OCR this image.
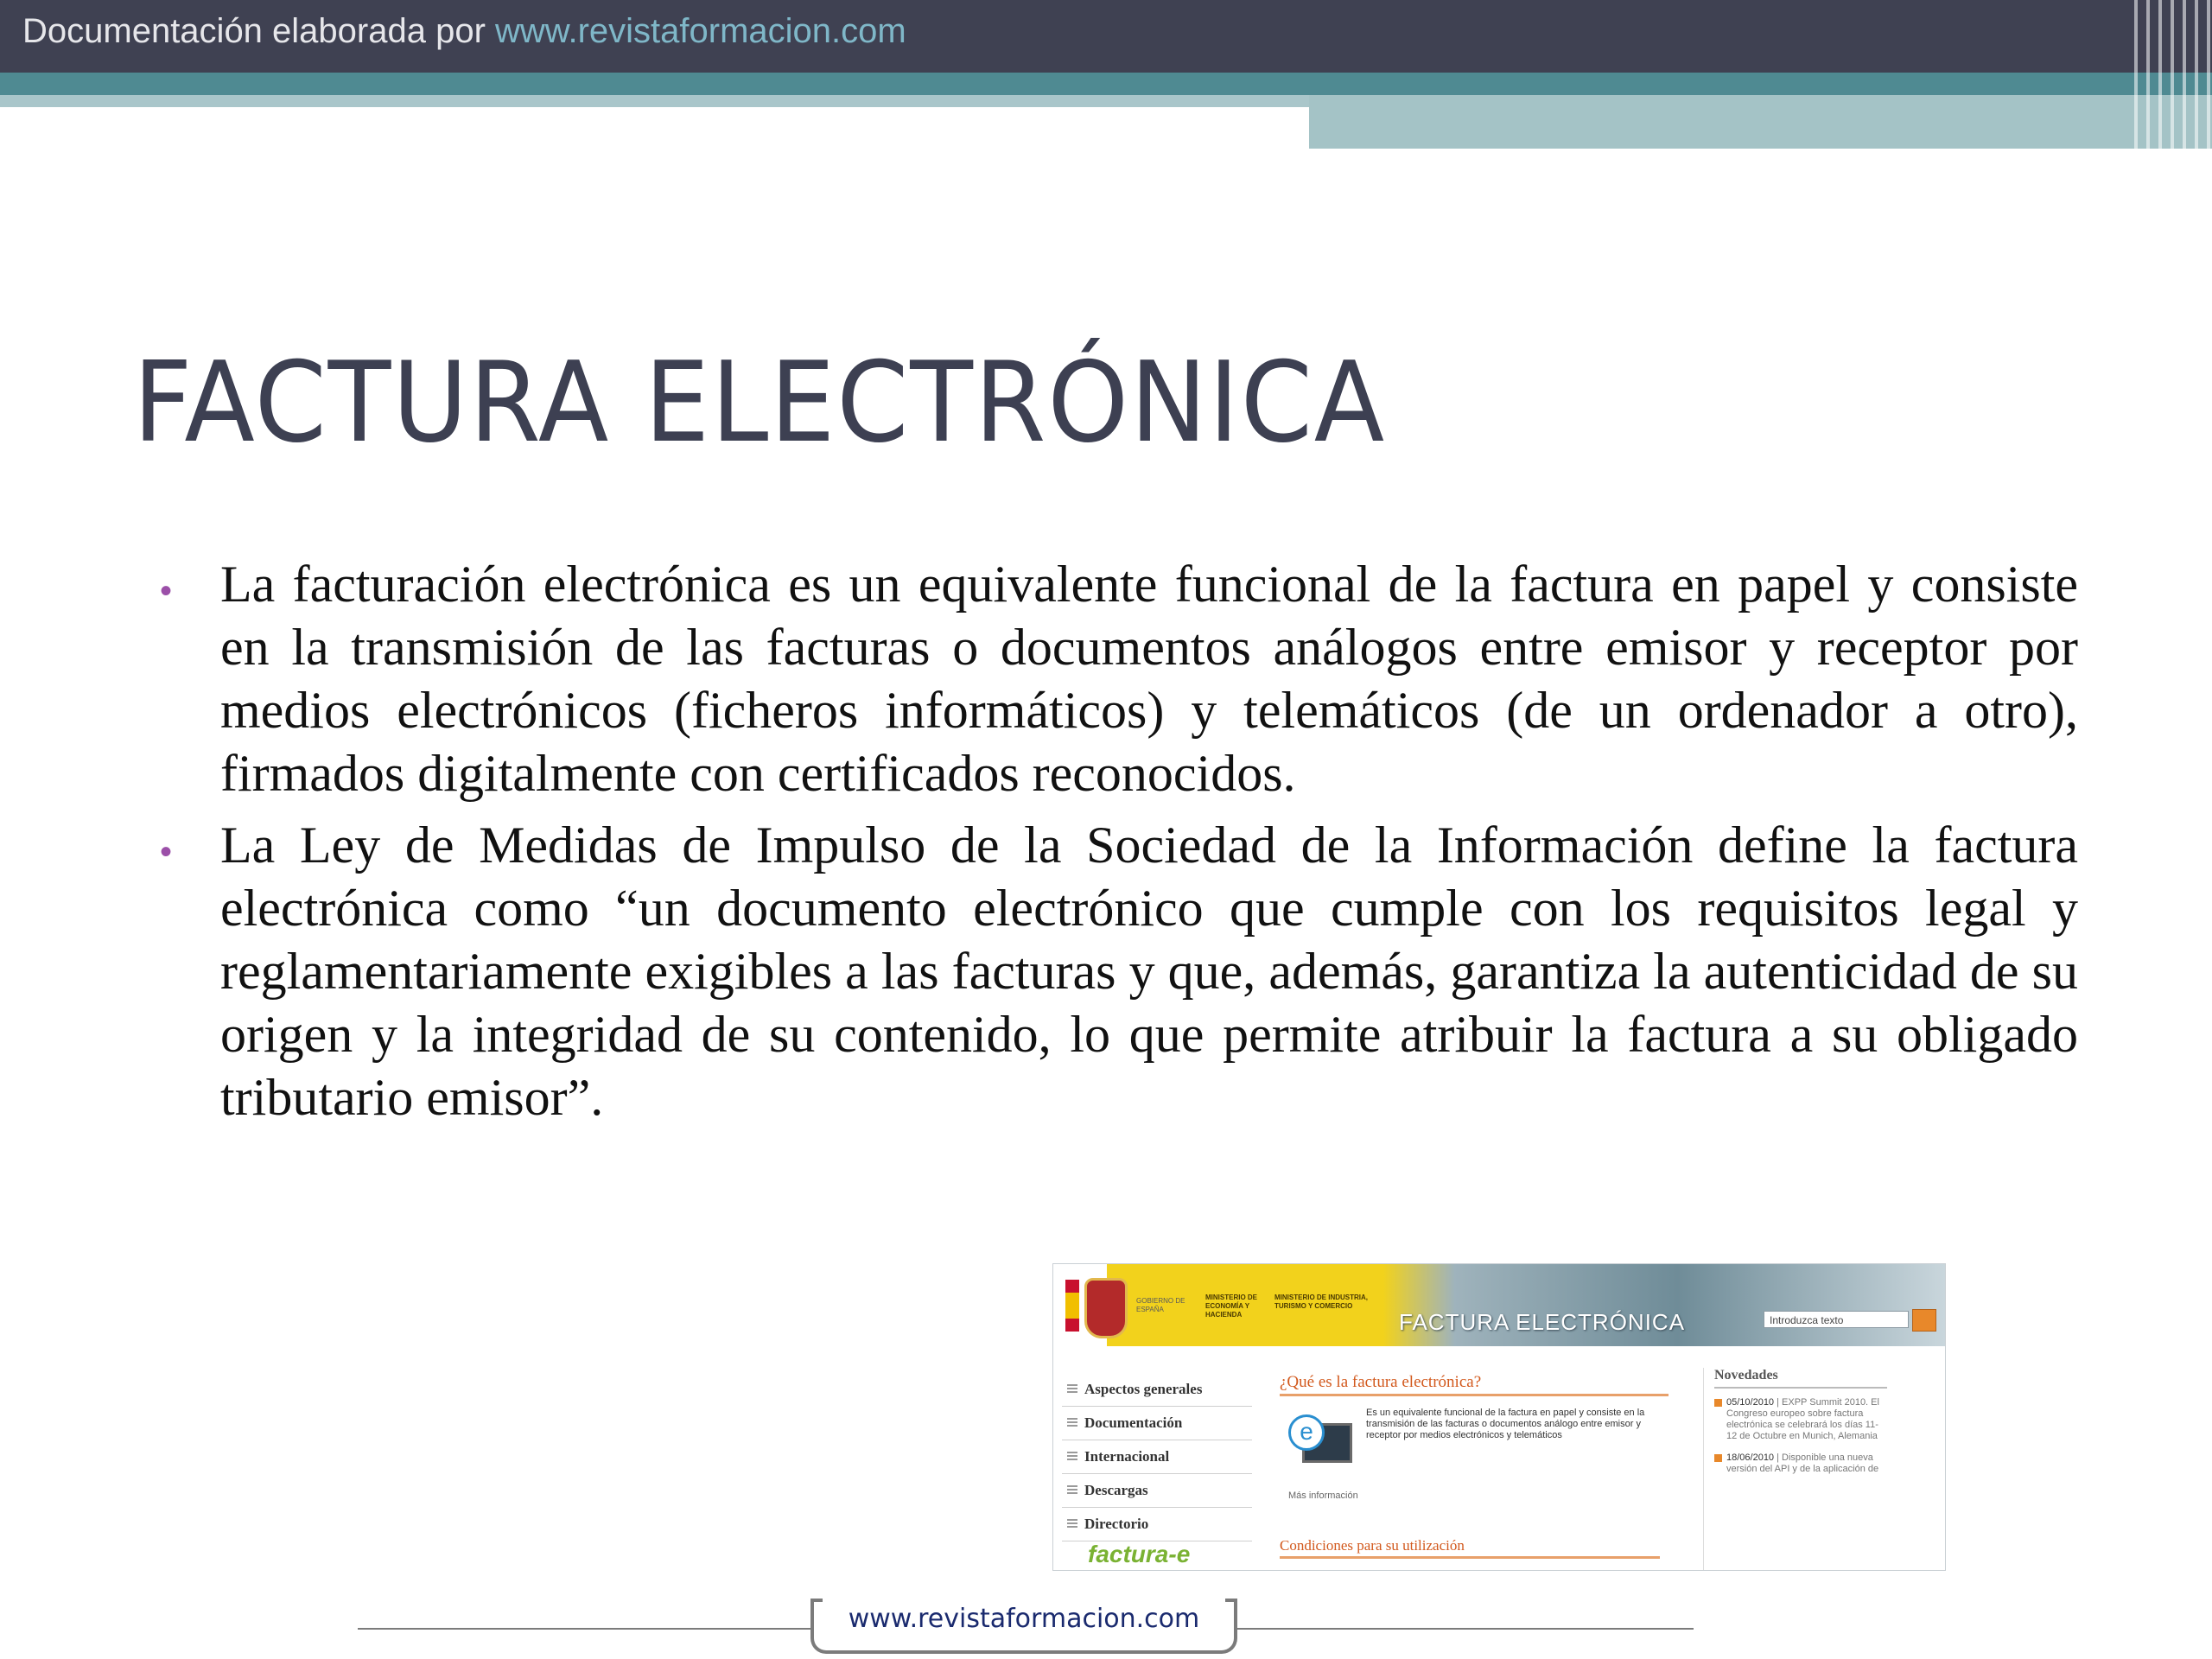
Documentación elaborada por www.revistaformacion.com
FACTURA ELECTRÓNICA
• La facturación electrónica es un equivalente funcional de la factura en papel y consiste en la transmisión de las facturas o documentos análogos entre emisor y receptor por medios electrónicos (ficheros informáticos) y telemáticos (de un ordenador a otro), firmados digitalmente con certificados reconocidos.
• La Ley de Medidas de Impulso de la Sociedad de la Información define la factura electrónica como “un documento electrónico que cumple con los requisitos legal y reglamentariamente exigibles a las facturas y que, además, garantiza la autenticidad de su origen y la integridad de su contenido, lo que permite atribuir la factura a su obligado tributario emisor”.
GOBIERNO DE ESPAÑA
MINISTERIO DE ECONOMÍA Y HACIENDA
MINISTERIO DE INDUSTRIA, TURISMO Y COMERCIO
FACTURA ELECTRÓNICA	Introduzca texto
Aspectos generales
Documentación
Internacional
Descargas
Directorio
factura-e
¿Qué es la factura electrónica?
e
Es un equivalente funcional de la factura en papel y consiste en la transmisión de las facturas o documentos análogo entre emisor y receptor por medios electrónicos y telemáticos
Más información
Condiciones para su utilización
Novedades
05/10/2010 | EXPP Summit 2010. El Congreso europeo sobre factura electrónica se celebrará los días 11-12 de Octubre en Munich, Alemania
18/06/2010 | Disponible una nueva versión del API y de la aplicación de
www.revistaformacion.com
